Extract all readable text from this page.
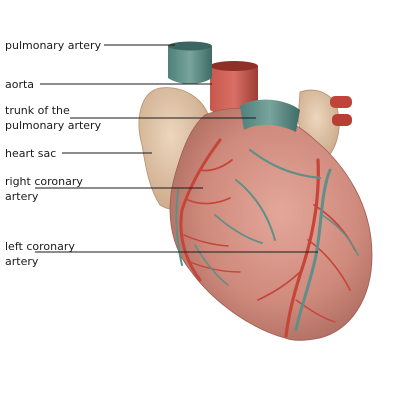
pulmonary artery
aorta
trunk of the
pulmonary artery
heart sac
right coronary
artery
left coronary
artery
